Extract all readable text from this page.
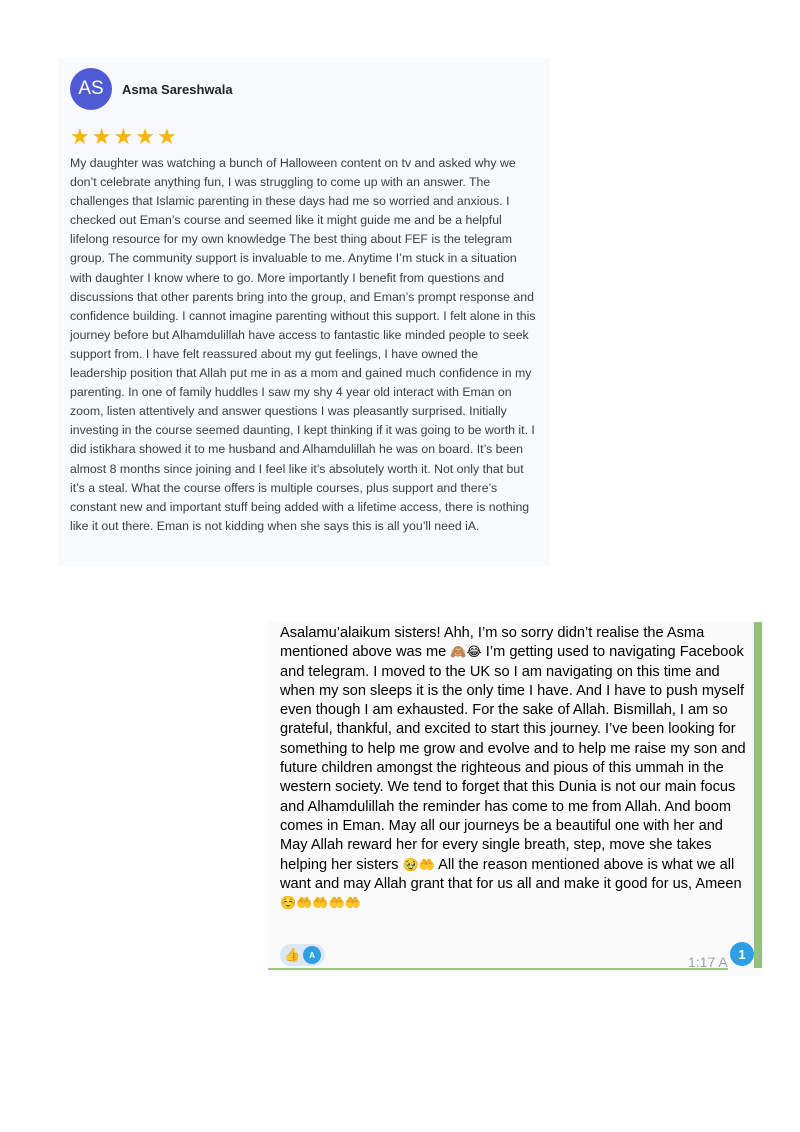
AS	Asma Sareshwala
★ ★ ★ ★ ★

My daughter was watching a bunch of Halloween content on tv and asked why we don’t celebrate anything fun, I was struggling to come up with an answer. The challenges that Islamic parenting in these days had me so worried and anxious. I checked out Eman’s course and seemed like it might guide me and be a helpful lifelong resource for my own knowledge The best thing about FEF is the telegram group. The community support is invaluable to me. Anytime I’m stuck in a situation with daughter I know where to go. More importantly I benefit from questions and discussions that other parents bring into the group, and Eman’s prompt response and confidence building. I cannot imagine parenting without this support. I felt alone in this journey before but Alhamdulillah have access to fantastic like minded people to seek support from. I have felt reassured about my gut feelings, I have owned the leadership position that Allah put me in as a mom and gained much confidence in my parenting. In one of family huddles I saw my shy 4 year old interact with Eman on zoom, listen attentively and answer questions I was pleasantly surprised. Initially investing in the course seemed daunting, I kept thinking if it was going to be worth it. I did istikhara showed it to me husband and Alhamdulillah he was on board. It’s been almost 8 months since joining and I feel like it’s absolutely worth it. Not only that but it’s a steal. What the course offers is multiple courses, plus support and there’s constant new and important stuff being added with a lifetime access, there is nothing like it out there. Eman is not kidding when she says this is all you’ll need iA.

Asalamu’alaikum sisters! Ahh, I’m so sorry didn’t realise the Asma mentioned above was me 🙈😂 I’m getting used to navigating Facebook and telegram. I moved to the UK so I am navigating on this time and when my son sleeps it is the only time I have. And I have to push myself even though I am exhausted. For the sake of Allah. Bismillah, I am so grateful, thankful, and excited to start this journey. I’ve been looking for something to help me grow and evolve and to help me raise my son and future children amongst the righteous and pious of this ummah in the western society. We tend to forget that this Dunia is not our main focus and Alhamdulillah the reminder has come to me from Allah. And boom comes in Eman. May all our journeys be a beautiful one with her and May Allah reward her for every single breath, step, move she takes helping her sisters 🥹🤲 All the reason mentioned above is what we all want and may Allah grant that for us all and make it good for us, Ameen ☺️🤲🤲🤲🤲

👍	A	1:17 A 1
